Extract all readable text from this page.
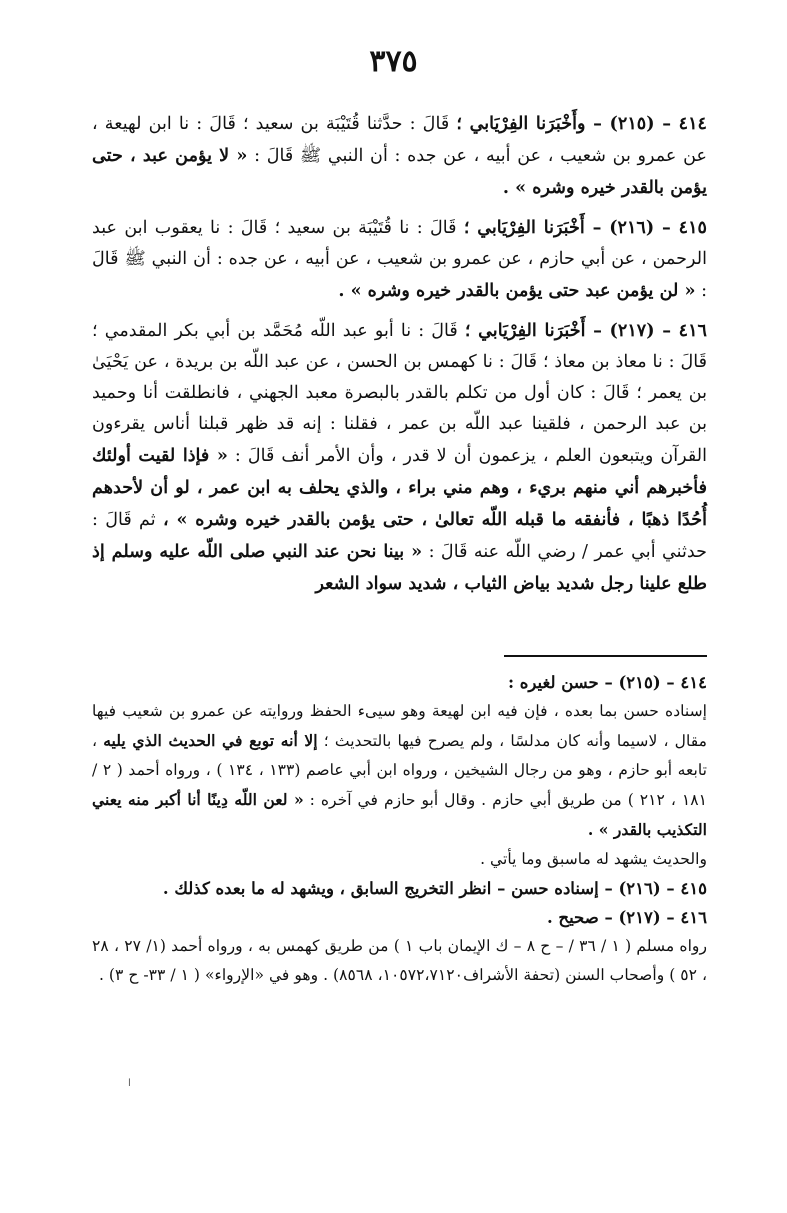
٣٧٥

٤١٤ – (٢١٥) – وأَخْبَرَنا الفِرْيَابي ؛ قَالَ : حدَّثنا قُتَيْبَة بن سعيد ؛ قَالَ : نا ابن لهيعة ، عن عمرو بن شعيب ، عن أبيه ، عن جده : أن النبي ﷺ قَالَ : « لا يؤمن عبد ، حتى يؤمن بالقدر خيره وشره » .

٤١٥ – (٢١٦) – أَخْبَرَنا الفِرْيَابي ؛ قَالَ : نا قُتَيْبَة بن سعيد ؛ قَالَ : نا يعقوب ابن عبد الرحمن ، عن أبي حازم ، عن عمرو بن شعيب ، عن أبيه ، عن جده : أن النبي ﷺ قَالَ : « لن يؤمن عبد حتى يؤمن بالقدر خيره وشره » .

٤١٦ – (٢١٧) – أَخْبَرَنا الفِرْيَابي ؛ قَالَ : نا أبو عبد اللّه مُحَمَّد بن أبي بكر المقدمي ؛ قَالَ : نا معاذ بن معاذ ؛ قَالَ : نا كهمس بن الحسن ، عن عبد اللّه بن بريدة ، عن يَحْيَىٰ بن يعمر ؛ قَالَ : كان أول من تكلم بالقدر بالبصرة معبد الجهني ، فانطلقت أنا وحميد بن عبد الرحمن ، فلقينا عبد اللّه بن عمر ، فقلنا : إنه قد ظهر قبلنا أناس يقرءون القرآن ويتبعون العلم ، يزعمون أن لا قدر ، وأن الأمر أنف قَالَ : « فإذا لقيت أولئك فأخبرهم أني منهم بريء ، وهم مني براء ، والذي يحلف به ابن عمر ، لو أن لأحدهم أُحُدًا ذهبًا ، فأنفقه ما قبله اللّه تعالىٰ ، حتى يؤمن بالقدر خيره وشره » ، ثم قَالَ : حدثني أبي عمر / رضي اللّه عنه قَالَ : « بينا نحن عند النبي صلى اللّه عليه وسلم إذ طلع علينا رجل شديد بياض الثياب ، شديد سواد الشعر

٤١٤ – (٢١٥) – حسن لغيره :

إسناده حسن بما بعده ، فإن فيه ابن لهيعة وهو سيىء الحفظ وروايته عن عمرو بن شعيب فيها مقال ، لاسيما وأنه كان مدلسًا ، ولم يصرح فيها بالتحديث ؛ إلا أنه توبع في الحديث الذي يليه ، تابعه أبو حازم ، وهو من رجال الشيخين ، ورواه ابن أبي عاصم (١٣٣ ، ١٣٤ ) ، ورواه أحمد ( ٢ / ١٨١ ، ٢١٢ ) من طريق أبي حازم . وقال أبو حازم في آخره : « لعن اللّه دِينًا أنا أكبر منه يعني التكذيب بالقدر » .

والحديث يشهد له ماسبق وما يأتي .

٤١٥ – (٢١٦) – إسناده حسن – انظر التخريج السابق ، ويشهد له ما بعده كذلك .

٤١٦ – (٢١٧) – صحيح .

رواه مسلم ( ١ / ٣٦ / – ح ٨ – ك الإيمان باب ١ ) من طريق كهمس به ، ورواه أحمد (١/ ٢٧ ، ٢٨ ، ٥٢ ) وأصحاب السنن (تحفة الأشراف١٠٥٧٢،٧١٢٠، ٨٥٦٨) . وهو في «الإرواء» ( ١ / ٣٣- ح ٣) .

ا
